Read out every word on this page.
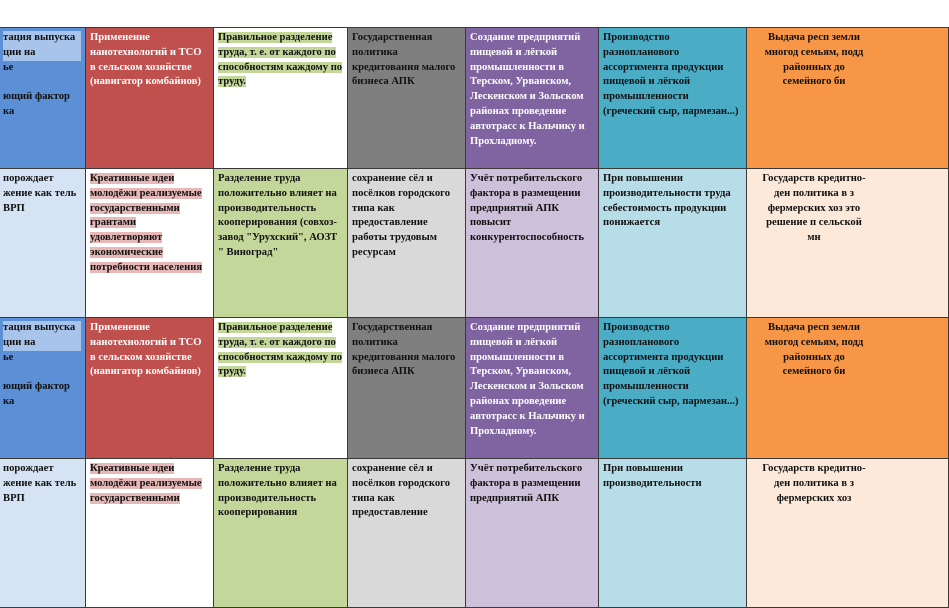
тация выпуска
ции на
ье

ющий фактор
ка	Применение нанотехнологий и ТСО в сельском хозяйстве (навигатор комбайнов)	Правильное разделение труда, т. е. от каждого по способностям каждому по труду.	Государственная политика кредитования малого бизнеса АПК	Создание предприятий пищевой и лёгкой промышленности в Терском, Урванском, Лескенском и Зольском районах проведение автотрасс к Нальчику и Прохладному.	Производство разнопланового ассортимента продукции пищевой и лёгкой промышленности (греческий сыр, пармезан...)	Выдача респ земли многод семьям, подд районных до семейного би

порождает жение как тель ВРП	Креативные идеи молодёжи реализуемые государственными грантами удовлетворяют экономические потребности населения	Разделение труда положительно влияет на производительность кооперирования (совхоз- завод "Урухский", АОЗТ " Виноград"	сохранение сёл и посёлков городского типа как предоставление работы трудовым ресурсам	Учёт потребительского фактора в размещении предприятий АПК повысит конкурентоспособность	При повышении производительности труда себестоимость продукции понижается	Государств кредитно-ден политика в з фермерских хоз это решение п сельской мн

тация выпуска
ции на
ье

ющий фактор
ка	Применение нанотехнологий и ТСО в сельском хозяйстве (навигатор комбайнов)	Правильное разделение труда, т. е. от каждого по способностям каждому по труду.	Государственная политика кредитования малого бизнеса АПК	Создание предприятий пищевой и лёгкой промышленности в Терском, Урванском, Лескенском и Зольском районах проведение автотрасс к Нальчику и Прохладному.	Производство разнопланового ассортимента продукции пищевой и лёгкой промышленности (греческий сыр, пармезан...)	Выдача респ земли многод семьям, подд районных до семейного би

порождает жение как тель ВРП	Креативные идеи молодёжи реализуемые государственными	Разделение труда положительно влияет на производительность кооперирования	сохранение сёл и посёлков городского типа как предоставление	Учёт потребительского фактора в размещении предприятий АПК	При повышении производительности	Государств кредитно-ден политика в з фермерских хоз
